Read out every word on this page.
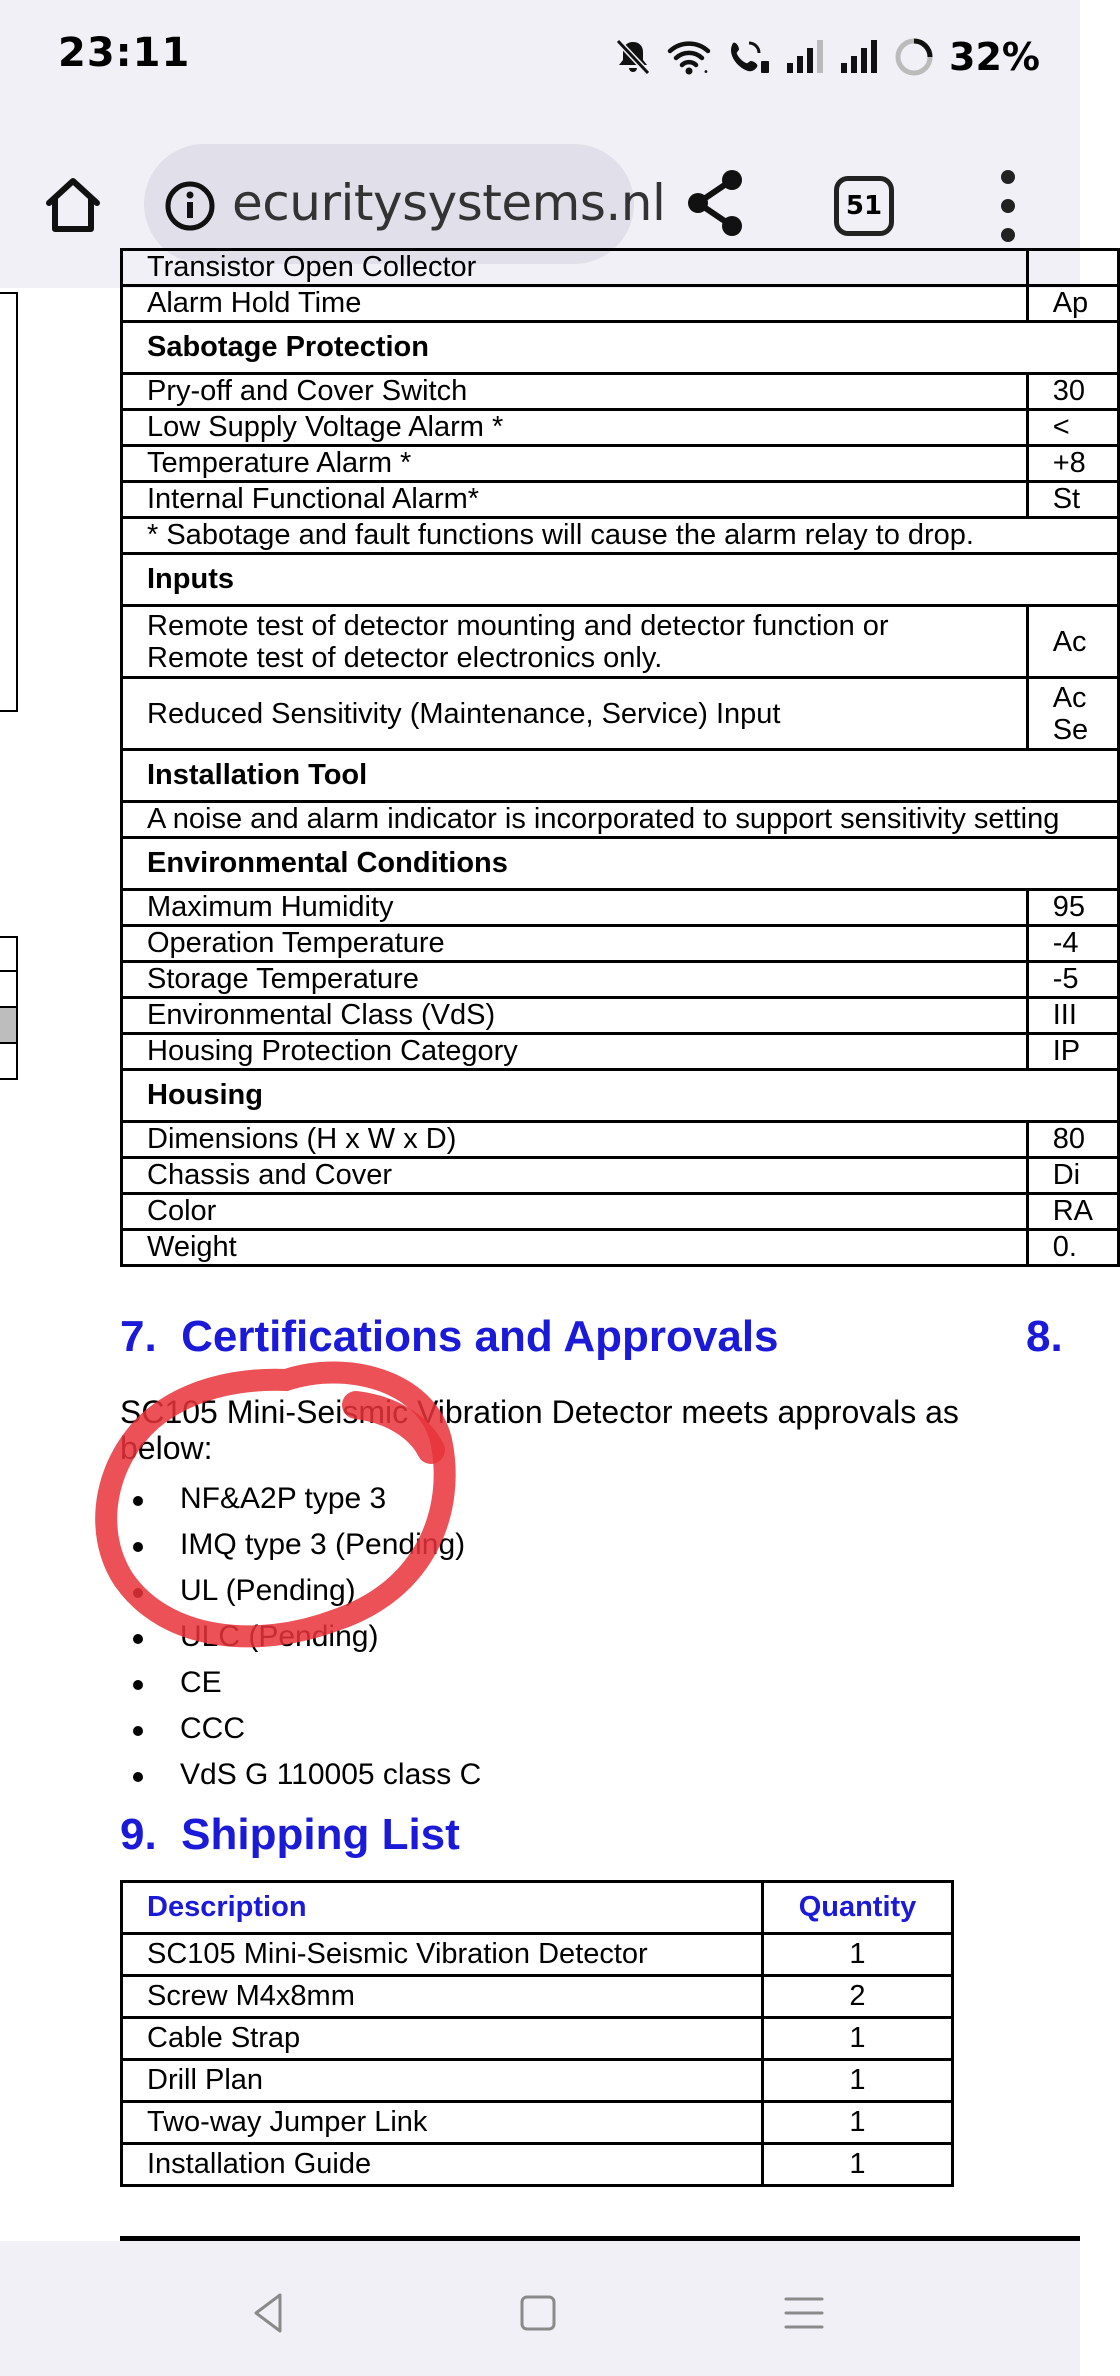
23:11	•	32%
ecuritysystems.nl	51
Transistor Open Collector	
Alarm Hold Time	Ap
Sabotage Protection	
Pry-off and Cover Switch	30
Low Supply Voltage Alarm *	<
Temperature Alarm *	+8
Internal Functional Alarm*	St
* Sabotage and fault functions will cause the alarm relay to drop.	
Inputs	
Remote test of detector mounting and detector function or
Remote test of detector electronics only.	Ac
Reduced Sensitivity (Maintenance, Service) Input	Ac
Se
Installation Tool	
A noise and alarm indicator is incorporated to support sensitivity setting	
Environmental Conditions	
Maximum Humidity	95
Operation Temperature	-4
Storage Temperature	-5
Environmental Class (VdS)	III
Housing Protection Category	IP
Housing	
Dimensions (H x W x D)	80
Chassis and Cover	Di
Color	RA
Weight	0.
7. Certifications and Approvals	8.
SC105 Mini-Seismic Vibration Detector meets approvals as below:
NF&A2P type 3
IMQ type 3 (Pending)
UL (Pending)
ULC (Pending)
CE
CCC
VdS G 110005 class C
9. Shipping List
Description	Quantity
SC105 Mini-Seismic Vibration Detector	1
Screw M4x8mm	2
Cable Strap	1
Drill Plan	1
Two-way Jumper Link	1
Installation Guide	1
